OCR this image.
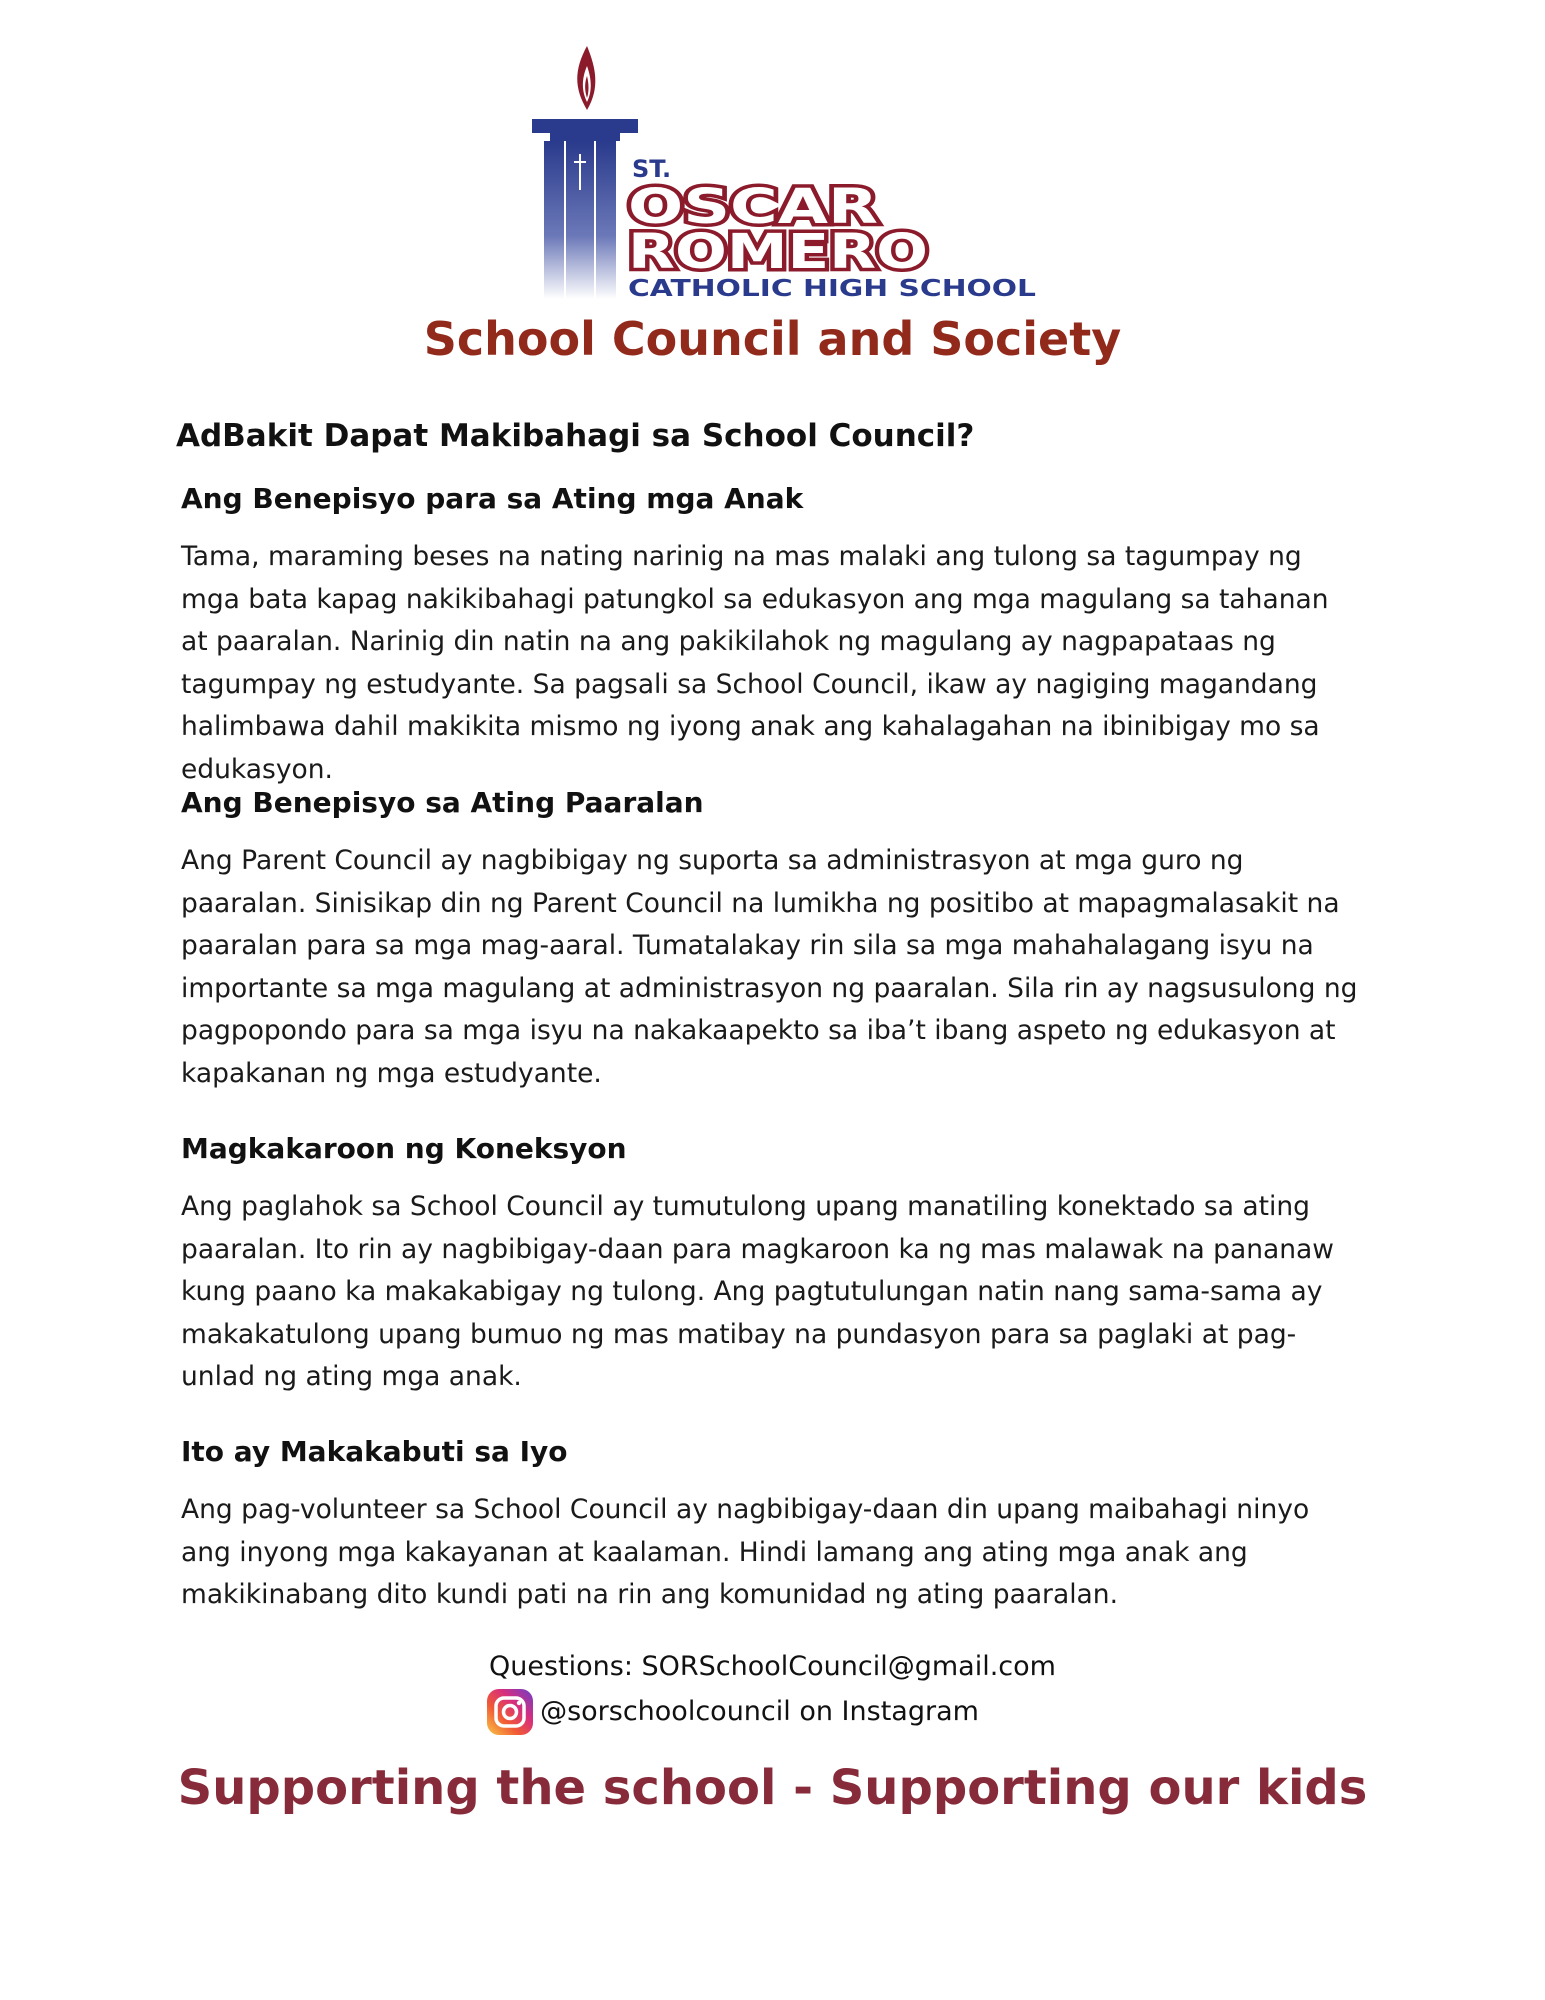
ST.
OSCAR
ROMERO
CATHOLIC HIGH SCHOOL
School Council and Society
AdBakit Dapat Makibahagi sa School Council?
Ang Benepisyo para sa Ating mga Anak

Tama, maraming beses na nating narinig na mas malaki ang tulong sa tagumpay ng mga bata kapag nakikibahagi patungkol sa edukasyon ang mga magulang sa tahanan at paaralan. Narinig din natin na ang pakikilahok ng magulang ay nagpapataas ng tagumpay ng estudyante. Sa pagsali sa School Council, ikaw ay nagiging magandang halimbawa dahil makikita mismo ng iyong anak ang kahalagahan na ibinibigay mo sa edukasyon.

Ang Benepisyo sa Ating Paaralan

Ang Parent Council ay nagbibigay ng suporta sa administrasyon at mga guro ng paaralan. Sinisikap din ng Parent Council na lumikha ng positibo at mapagmalasakit na paaralan para sa mga mag-aaral. Tumatalakay rin sila sa mga mahahalagang isyu na importante sa mga magulang at administrasyon ng paaralan. Sila rin ay nagsusulong ng pagpopondo para sa mga isyu na nakakaapekto sa iba’t ibang aspeto ng edukasyon at kapakanan ng mga estudyante.

Magkakaroon ng Koneksyon

Ang paglahok sa School Council ay tumutulong upang manatiling konektado sa ating paaralan. Ito rin ay nagbibigay-daan para magkaroon ka ng mas malawak na pananaw kung paano ka makakabigay ng tulong. Ang pagtutulungan natin nang sama-sama ay makakatulong upang bumuo ng mas matibay na pundasyon para sa paglaki at pag-unlad ng ating mga anak.

Ito ay Makakabuti sa Iyo

Ang pag-volunteer sa School Council ay nagbibigay-daan din upang maibahagi ninyo ang inyong mga kakayanan at kaalaman. Hindi lamang ang ating mga anak ang makikinabang dito kundi pati na rin ang komunidad ng ating paaralan.

Questions: SORSchoolCouncil@gmail.com
@sorschoolcouncil on Instagram
Supporting the school - Supporting our kids
